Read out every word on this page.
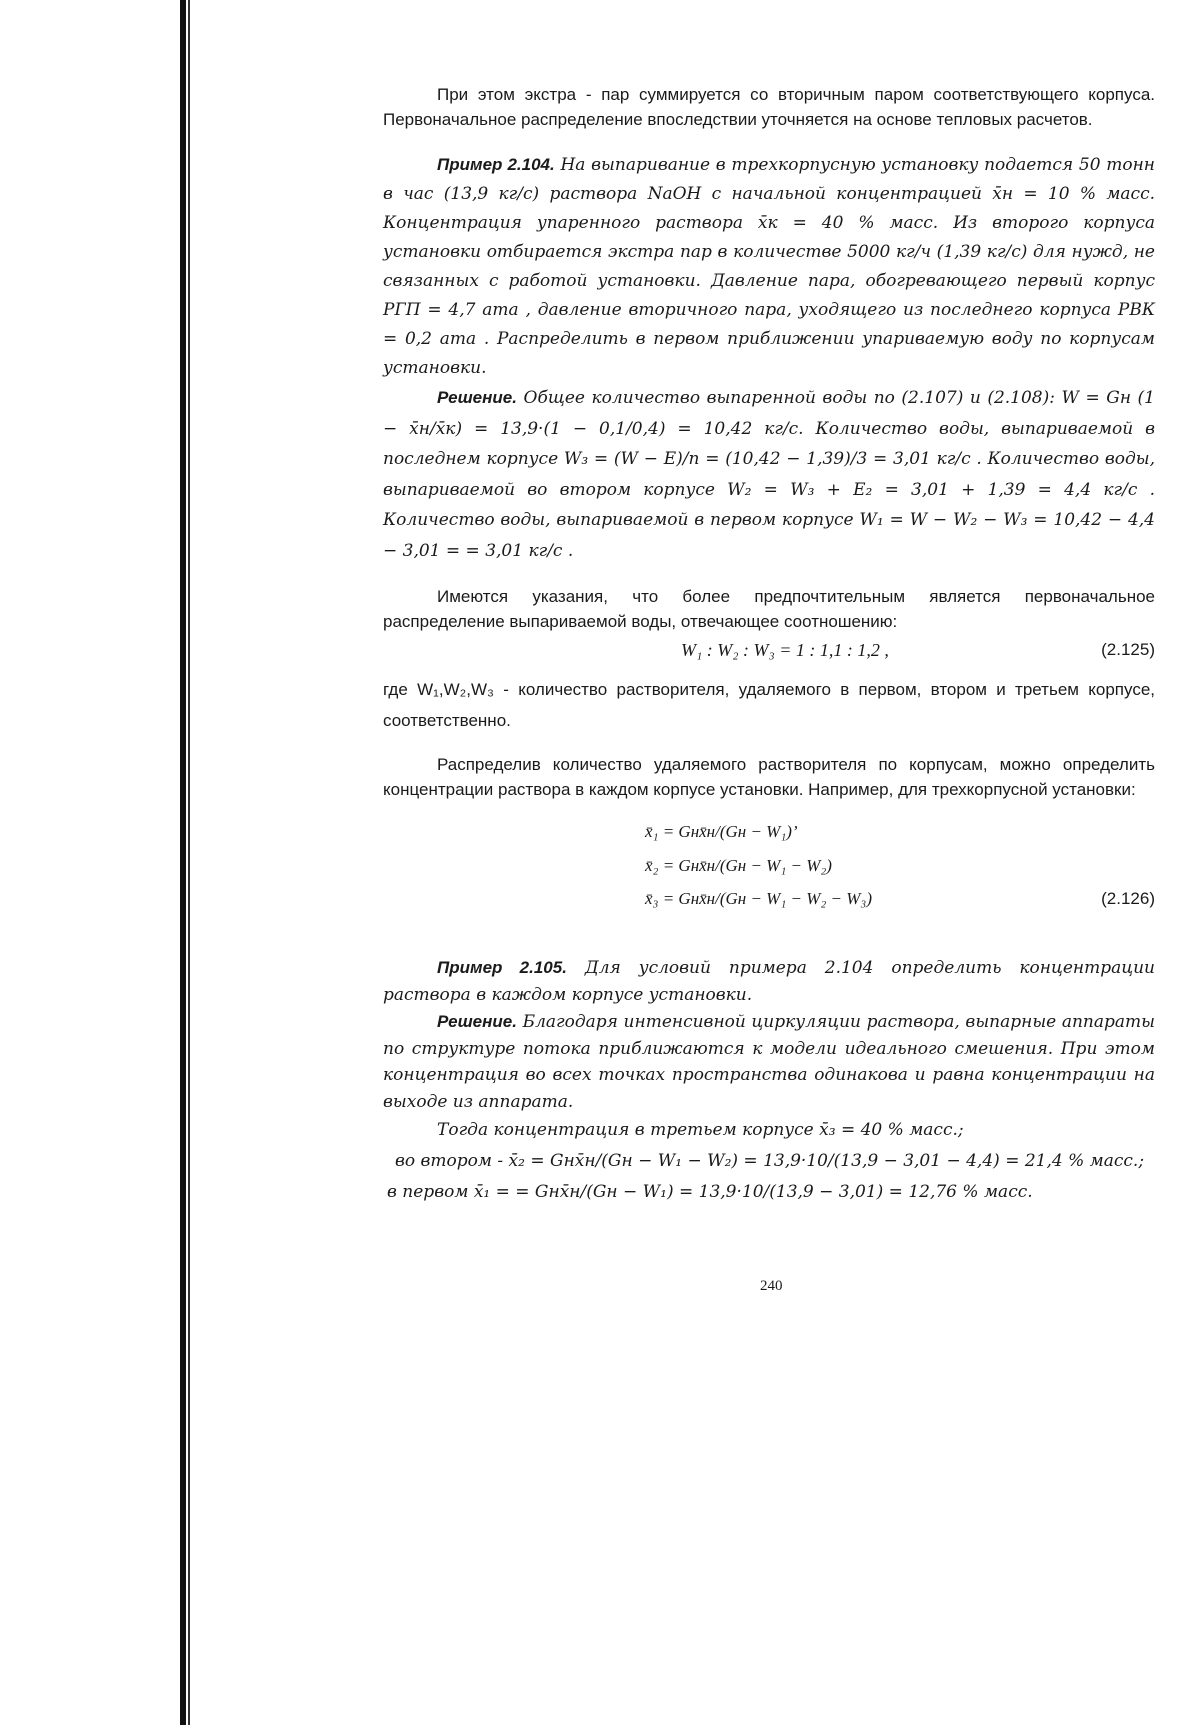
При этом экстра - пар суммируется со вторичным паром соответствующего корпуса. Первоначальное распределение впоследствии уточняется на основе тепловых расчетов.

Пример 2.104. На выпаривание в трехкорпусную установку подается 50 тонн в час (13,9 кг/с) раствора NaOH с начальной концентрацией x̄н = 10 % масс. Концентрация упаренного раствора x̄к = 40 % масс. Из второго корпуса установки отбирается экстра пар в количестве 5000 кг/ч (1,39 кг/с) для нужд, не связанных с работой установки. Давление пара, обогревающего первый корпус PГП = 4,7 ата , давление вторичного пара, уходящего из последнего корпуса PВК = 0,2 ата . Распределить в первом приближении упариваемую воду по корпусам установки.
Решение. Общее количество выпаренной воды по (2.107) и (2.108): W = Gн (1 − x̄н/x̄к) = 13,9·(1 − 0,1/0,4) = 10,42 кг/с. Количество воды, выпариваемой в последнем корпусе W₃ = (W − E)/n = (10,42 − 1,39)/3 = 3,01 кг/с . Количество воды, выпариваемой во втором корпусе W₂ = W₃ + E₂ = 3,01 + 1,39 = 4,4 кг/с . Количество воды, выпариваемой в первом корпусе W₁ = W − W₂ − W₃ = 10,42 − 4,4 − 3,01 = = 3,01 кг/с .

Имеются указания, что более предпочтительным является первоначальное распределение выпариваемой воды, отвечающее соотношению:

W₁ : W₂ : W₃ = 1 : 1,1 : 1,2 ,	(2.125)

где W₁,W₂,W₃ - количество растворителя, удаляемого в первом, втором и третьем корпусе, соответственно.

Распределив количество удаляемого растворителя по корпусам, можно определить концентрации раствора в каждом корпусе установки. Например, для трехкорпусной установки:

x̄₁ = Gнx̄н/(Gн − W₁)’
x̄₂ = Gнx̄н/(Gн − W₁ − W₂)
x̄₃ = Gнx̄н/(Gн − W₁ − W₂ − W₃)	(2.126)
Пример 2.105. Для условий примера 2.104 определить концентрации раствора в каждом корпусе установки.
Решение. Благодаря интенсивной циркуляции раствора, выпарные аппараты по структуре потока приближаются к модели идеального смешения. При этом концентрация во всех точках пространства одинакова и равна концентрации на выходе из аппарата.

Тогда концентрация в третьем корпусе x̄₃ = 40 % масс.;

во втором - x̄₂ = Gнx̄н/(Gн − W₁ − W₂) = 13,9·10/(13,9 − 3,01 − 4,4) = 21,4 % масс.;

в первом x̄₁ = = Gнx̄н/(Gн − W₁) = 13,9·10/(13,9 − 3,01) = 12,76 % масс.

240
